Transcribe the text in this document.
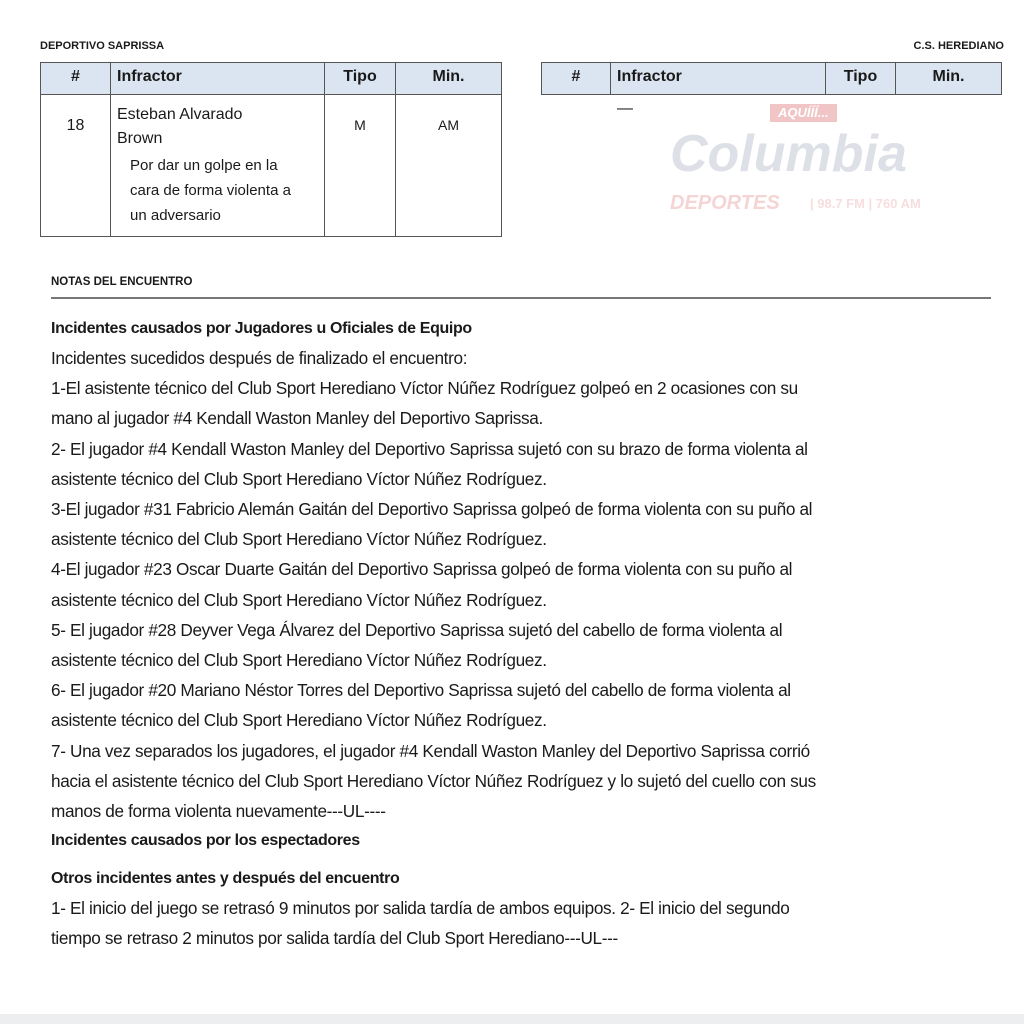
DEPORTIVO SAPRISSA	C.S. HEREDIANO
#	Infractor	Tipo	Min.
18	Esteban Alvarado
Brown
Por dar un golpe en la
cara de forma violenta a
un adversario	M	AM
#	Infractor	Tipo	Min.
—	AQUÍÍÍ...
Columbia
DEPORTES | 98.7 FM | 760 AM
NOTAS DEL ENCUENTRO
Incidentes causados por Jugadores u Oficiales de Equipo
Incidentes sucedidos después de finalizado el encuentro:
1-El asistente técnico del Club Sport Herediano Víctor Núñez Rodríguez golpeó en 2 ocasiones con su
mano al jugador #4 Kendall Waston Manley del Deportivo Saprissa.
2- El jugador #4 Kendall Waston Manley del Deportivo Saprissa sujetó con su brazo de forma violenta al
asistente técnico del Club Sport Herediano Víctor Núñez Rodríguez.
3-El jugador #31 Fabricio Alemán Gaitán del Deportivo Saprissa golpeó de forma violenta con su puño al
asistente técnico del Club Sport Herediano Víctor Núñez Rodríguez.
4-El jugador #23 Oscar Duarte Gaitán del Deportivo Saprissa golpeó de forma violenta con su puño al
asistente técnico del Club Sport Herediano Víctor Núñez Rodríguez.
5- El jugador #28 Deyver Vega Álvarez del Deportivo Saprissa sujetó del cabello de forma violenta al
asistente técnico del Club Sport Herediano Víctor Núñez Rodríguez.
6- El jugador #20 Mariano Néstor Torres del Deportivo Saprissa sujetó del cabello de forma violenta al
asistente técnico del Club Sport Herediano Víctor Núñez Rodríguez.
7- Una vez separados los jugadores, el jugador #4 Kendall Waston Manley del Deportivo Saprissa corrió
hacia el asistente técnico del Club Sport Herediano Víctor Núñez Rodríguez y lo sujetó del cuello con sus
manos de forma violenta nuevamente---UL----
Incidentes causados por los espectadores
Otros incidentes antes y después del encuentro
1- El inicio del juego se retrasó 9 minutos por salida tardía de ambos equipos. 2- El inicio del segundo
tiempo se retraso 2 minutos por salida tardía del Club Sport Herediano---UL---
